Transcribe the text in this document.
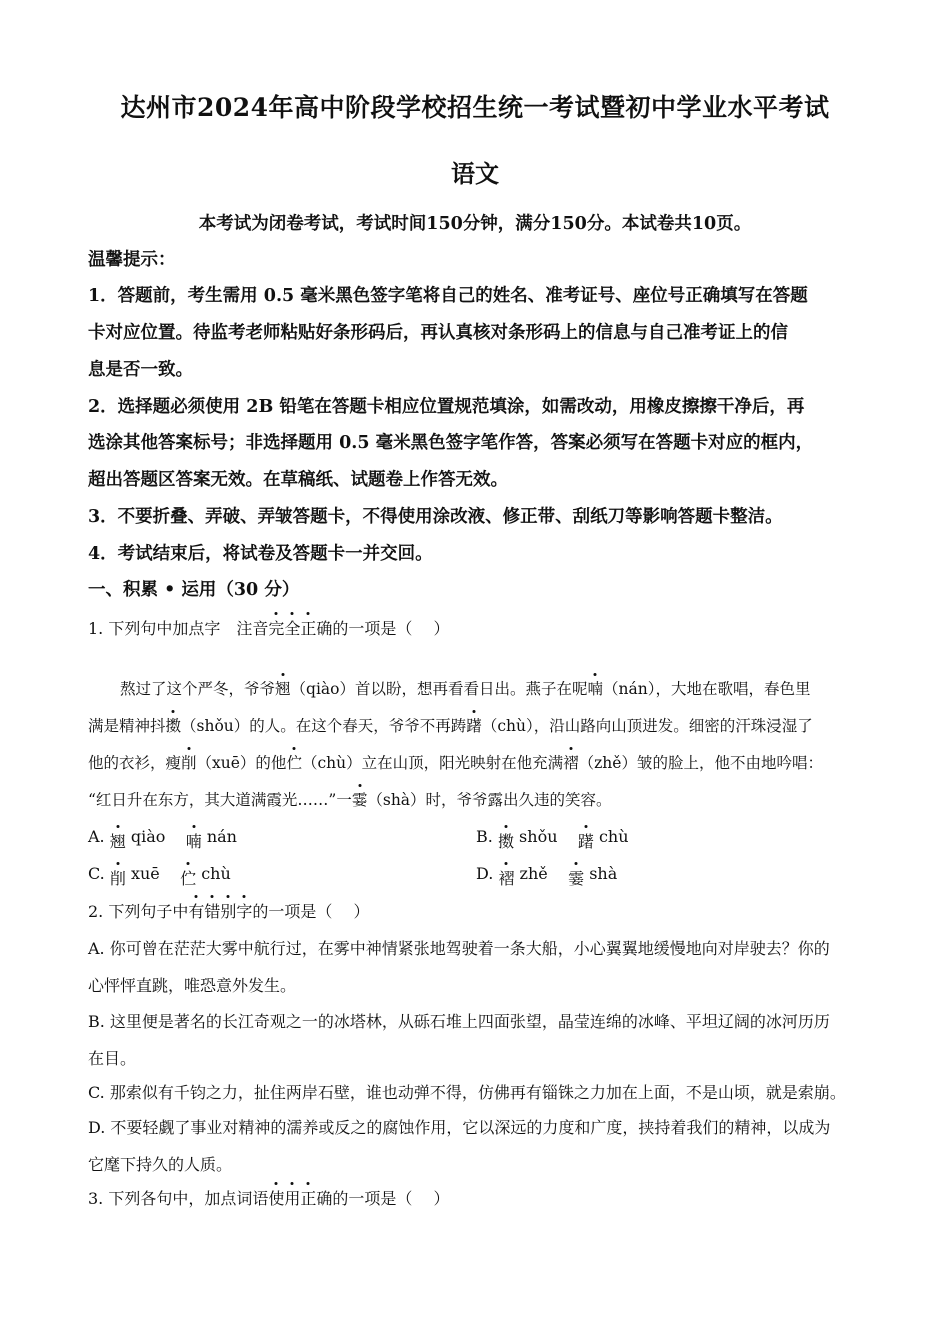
达州市2024年高中阶段学校招生统一考试暨初中学业水平考试
语文
本考试为闭卷考试，考试时间150分钟，满分150分。本试卷共10页。
温馨提示：
1．答题前，考生需用 0.5 毫米黑色签字笔将自己的姓名、准考证号、座位号正确填写在答题
卡对应位置。待监考老师粘贴好条形码后，再认真核对条形码上的信息与自己准考证上的信
息是否一致。
2．选择题必须使用 2B 铅笔在答题卡相应位置规范填涂，如需改动，用橡皮擦擦干净后，再
选涂其他答案标号；非选择题用 0.5 毫米黑色签字笔作答，答案必须写在答题卡对应的框内，
超出答题区答案无效。在草稿纸、试题卷上作答无效。
3．不要折叠、弄破、弄皱答题卡，不得使用涂改液、修正带、刮纸刀等影响答题卡整洁。
4．考试结束后，将试卷及答题卡一并交回。
一、积累 • 运用（30 分）
1. 下列句中加点字　注音完全正确的一项是（　 ）
熬过了这个严冬，爷爷翘（qiào）首以盼，想再看看日出。燕子在呢喃（nán），大地在歌唱，春色里
满是精神抖擞（shǒu）的人。在这个春天，爷爷不再踌躇（chù），沿山路向山顶进发。细密的汗珠浸湿了
他的衣衫，瘦削（xuē）的他伫（chù）立在山顶，阳光映射在他充满褶（zhě）皱的脸上，他不由地吟唱：
“红日升在东方，其大道满霞光……”一霎（shà）时，爷爷露出久违的笑容。
A. 翘 qiào 喃 nán	B. 擞 shǒu 躇 chù
C. 削 xuē 伫 chù	D. 褶 zhě 霎 shà
2. 下列句子中有错别字的一项是（　 ）
A. 你可曾在茫茫大雾中航行过，在雾中神情紧张地驾驶着一条大船，小心翼翼地缓慢地向对岸驶去？你的
心怦怦直跳，唯恐意外发生。
B. 这里便是著名的长江奇观之一的冰塔林，从砾石堆上四面张望，晶莹连绵的冰峰、平坦辽阔的冰河历历
在目。
C. 那索似有千钧之力，扯住两岸石壁，谁也动弹不得，仿佛再有锱铢之力加在上面，不是山顷，就是索崩。
D. 不要轻觑了事业对精神的濡养或反之的腐蚀作用，它以深远的力度和广度，挟持着我们的精神，以成为
它麾下持久的人质。
3. 下列各句中，加点词语使用正确的一项是（　 ）
